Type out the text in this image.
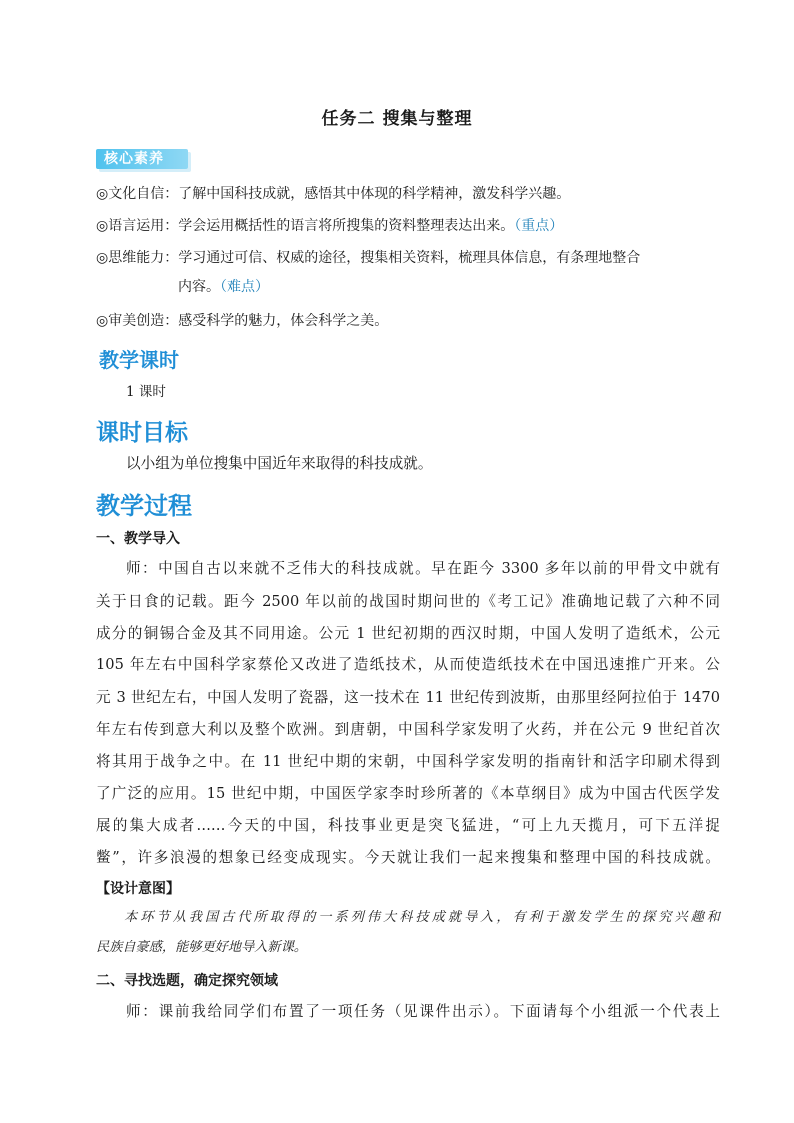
任务二 搜集与整理
核心素养
◎文化自信：了解中国科技成就，感悟其中体现的科学精神，激发科学兴趣。
◎语言运用：学会运用概括性的语言将所搜集的资料整理表达出来。（重点）
◎思维能力：学习通过可信、权威的途径，搜集相关资料，梳理具体信息，有条理地整合
内容。（难点）
◎审美创造：感受科学的魅力，体会科学之美。
教学课时
1 课时
课时目标
以小组为单位搜集中国近年来取得的科技成就。
教学过程
一、教学导入
师：中国自古以来就不乏伟大的科技成就。早在距今 3300 多年以前的甲骨文中就有
关于日食的记载。距今 2500 年以前的战国时期问世的《考工记》准确地记载了六种不同
成分的铜锡合金及其不同用途。公元 1 世纪初期的西汉时期，中国人发明了造纸术，公元
105 年左右中国科学家蔡伦又改进了造纸技术，从而使造纸技术在中国迅速推广开来。公
元 3 世纪左右，中国人发明了瓷器，这一技术在 11 世纪传到波斯，由那里经阿拉伯于 1470
年左右传到意大利以及整个欧洲。到唐朝，中国科学家发明了火药，并在公元 9 世纪首次
将其用于战争之中。在 11 世纪中期的宋朝，中国科学家发明的指南针和活字印刷术得到
了广泛的应用。15 世纪中期，中国医学家李时珍所著的《本草纲目》成为中国古代医学发
展的集大成者……今天的中国，科技事业更是突飞猛进，“可上九天揽月，可下五洋捉
鳖”，许多浪漫的想象已经变成现实。今天就让我们一起来搜集和整理中国的科技成就。
【设计意图】
本环节从我国古代所取得的一系列伟大科技成就导入，有利于激发学生的探究兴趣和
民族自豪感，能够更好地导入新课。
二、寻找选题，确定探究领域
师：课前我给同学们布置了一项任务（见课件出示）。下面请每个小组派一个代表上
